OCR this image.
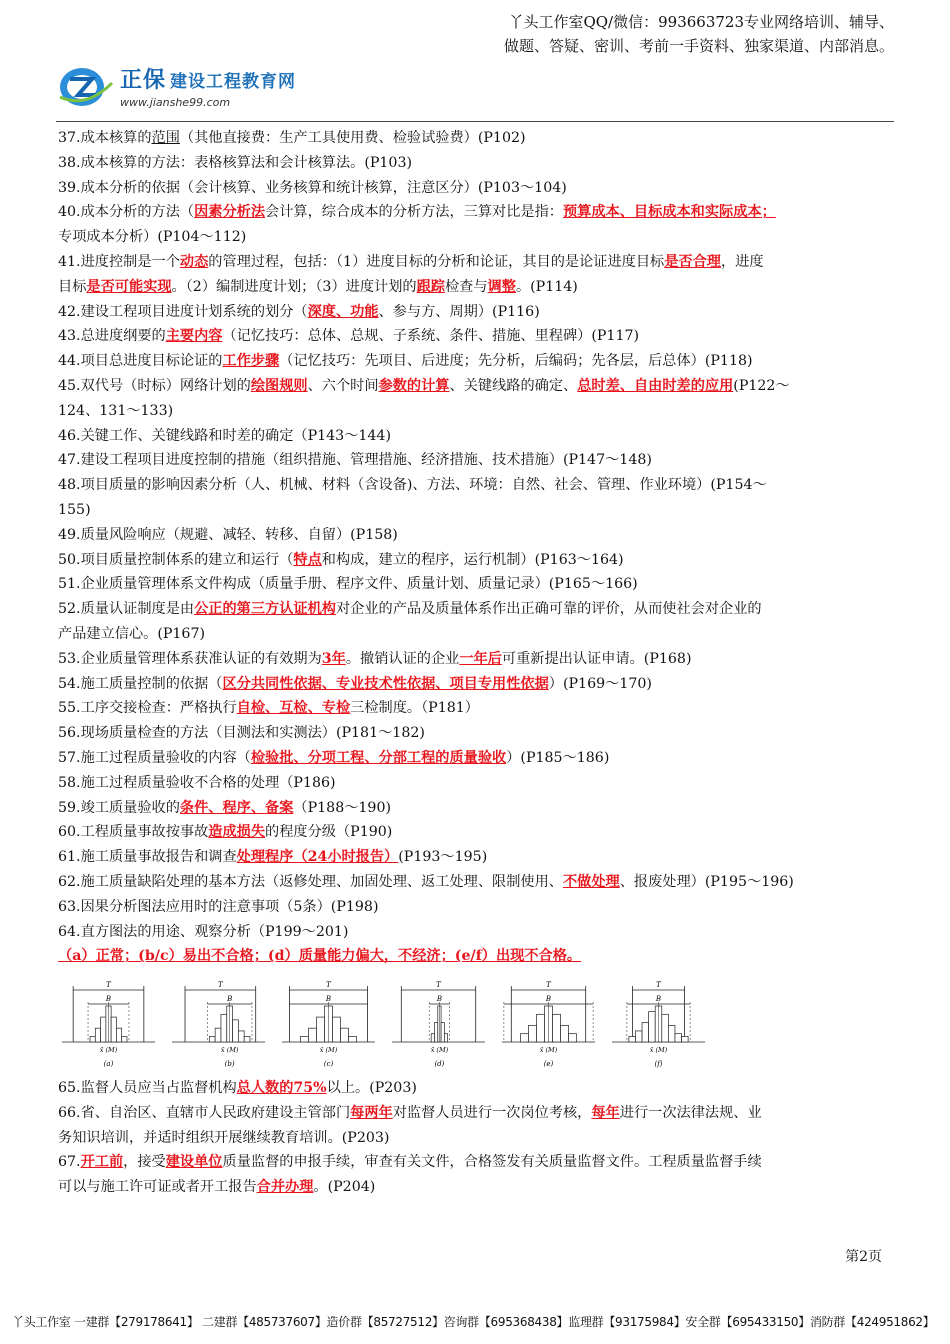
丫头工作室QQ/微信：993663723专业网络培训、辅导、
做题、答疑、密训、考前一手资料、独家渠道、内部消息。
正保 建设工程教育网
www.jianshe99.com
37.成本核算的范围（其他直接费：生产工具使用费、检验试验费）(P102)
38.成本核算的方法：表格核算法和会计核算法。(P103)
39.成本分析的依据（会计核算、业务核算和统计核算，注意区分）(P103～104)
40.成本分析的方法（因素分析法会计算，综合成本的分析方法，三算对比是指：预算成本、目标成本和实际成本；
专项成本分析）(P104～112)
41.进度控制是一个动态的管理过程，包括：（1）进度目标的分析和论证，其目的是论证进度目标是否合理，进度
目标是否可能实现。（2）编制进度计划；（3）进度计划的跟踪检查与调整。(P114)
42.建设工程项目进度计划系统的划分（深度、功能、参与方、周期）(P116)
43.总进度纲要的主要内容（记忆技巧：总体、总规、子系统、条件、措施、里程碑）(P117)
44.项目总进度目标论证的工作步骤（记忆技巧：先项目、后进度；先分析，后编码；先各层，后总体）(P118)
45.双代号（时标）网络计划的绘图规则、六个时间参数的计算、关键线路的确定、总时差、自由时差的应用(P122～
124、131～133)
46.关键工作、关键线路和时差的确定（P143～144)
47.建设工程项目进度控制的措施（组织措施、管理措施、经济措施、技术措施）(P147～148)
48.项目质量的影响因素分析（人、机械、材料（含设备)、方法、环境：自然、社会、管理、作业环境）(P154～
155)
49.质量风险响应（规避、减轻、转移、自留）(P158)
50.项目质量控制体系的建立和运行（特点和构成，建立的程序，运行机制）(P163～164)
51.企业质量管理体系文件构成（质量手册、程序文件、质量计划、质量记录）(P165～166)
52.质量认证制度是由公正的第三方认证机构对企业的产品及质量体系作出正确可靠的评价，从而使社会对企业的
产品建立信心。(P167)
53.企业质量管理体系获准认证的有效期为3年。撤销认证的企业一年后可重新提出认证申请。(P168)
54.施工质量控制的依据（区分共同性依据、专业技术性依据、项目专用性依据）(P169～170)
55.工序交接检查：严格执行自检、互检、专检三检制度。（P181）
56.现场质量检查的方法（目测法和实测法）(P181～182)
57.施工过程质量验收的内容（检验批、分项工程、分部工程的质量验收）(P185～186)
58.施工过程质量验收不合格的处理（P186)
59.竣工质量验收的条件、程序、备案（P188～190)
60.工程质量事故按事故造成损失的程度分级（P190)
61.施工质量事故报告和调查处理程序（24小时报告）(P193～195)
62.施工质量缺陷处理的基本方法（返修处理、加固处理、返工处理、限制使用、不做处理、报废处理）(P195～196)
63.因果分析图法应用时的注意事项（5条）(P198)
64.直方图法的用途、观察分析（P199～201)
（a）正常；(b/c）易出不合格；(d）质量能力偏大，不经济；(e/f）出现不合格。
T
B
x̄ (M)
(a)
T
B
x̄ (M)
(b)
T
B
x̄ (M)
(c)
T
B
x̄ (M)
(d)
T
B
x̄ (M)
(e)
T
B
x̄ (M)
(f)
65.监督人员应当占监督机构总人数的75%以上。(P203)
66.省、自治区、直辖市人民政府建设主管部门每两年对监督人员进行一次岗位考核，每年进行一次法律法规、业
务知识培训，并适时组织开展继续教育培训。(P203)
67.开工前，接受建设单位质量监督的申报手续，审查有关文件，合格签发有关质量监督文件。工程质量监督手续
可以与施工许可证或者开工报告合并办理。(P204)
第2页
丫头工作室 一建群【279178641】 二建群【485737607】造价群【85727512】咨询群【695368438】监理群【93175984】安全群【695433150】消防群【424951862】
